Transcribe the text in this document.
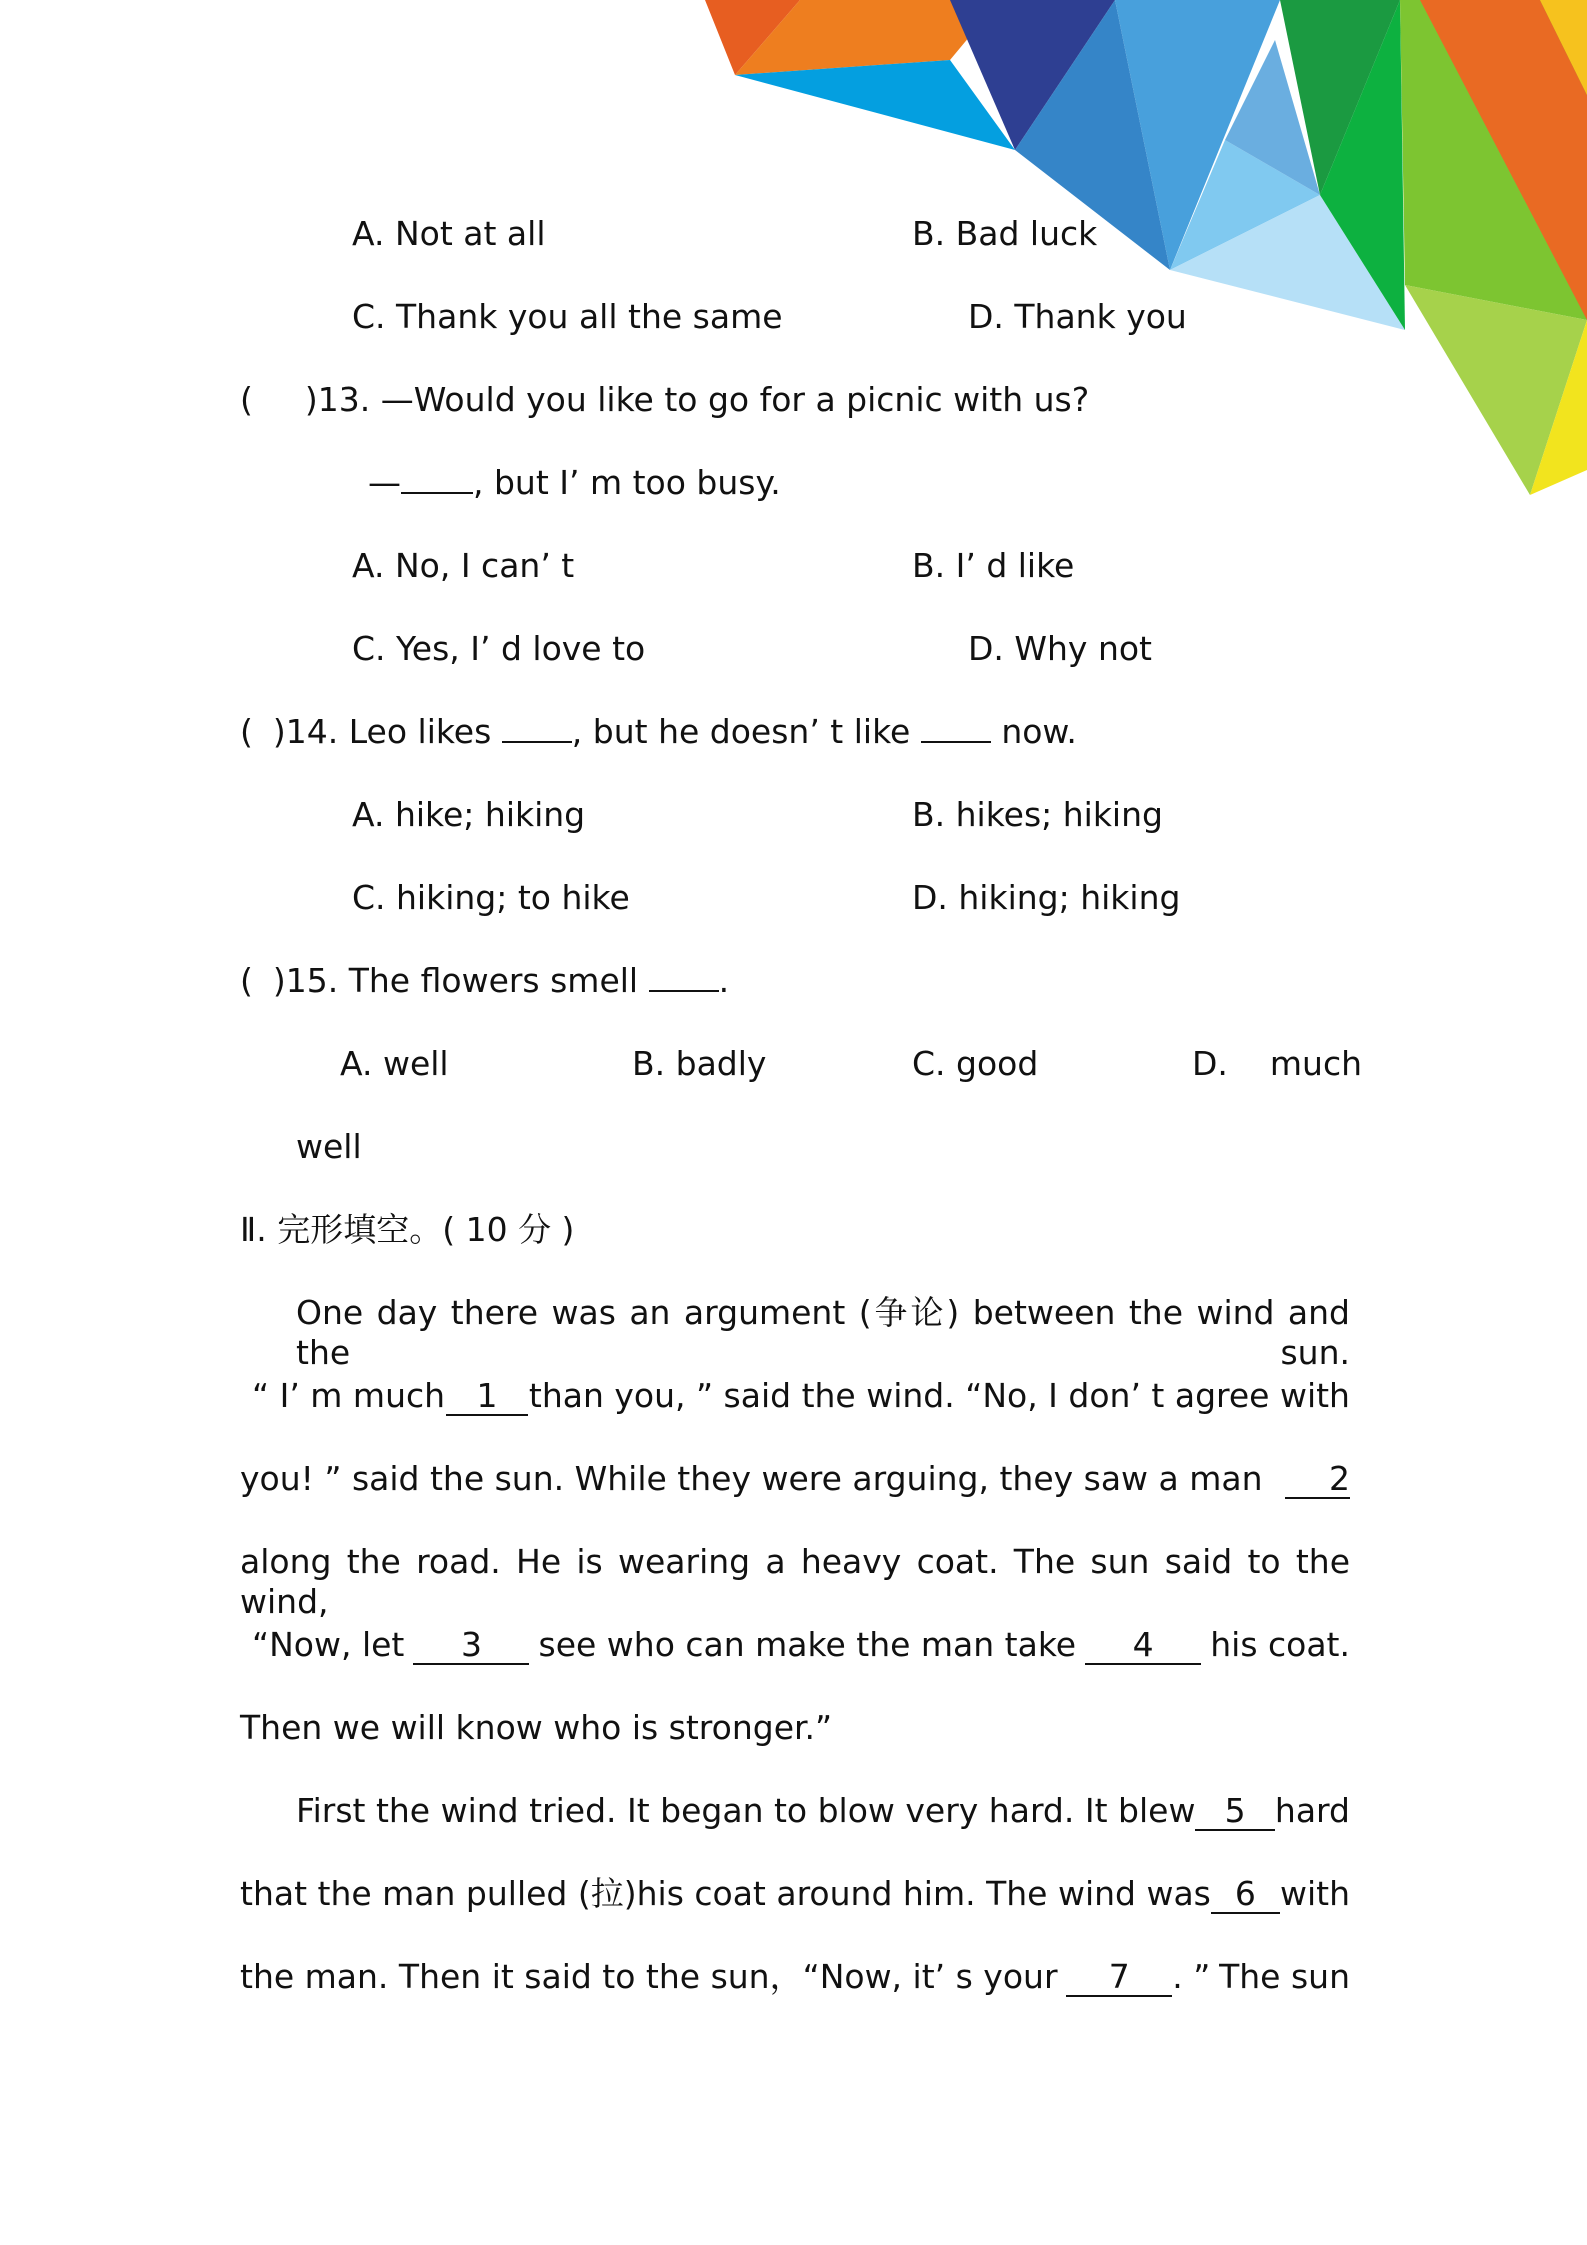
A. Not at all	B. Bad luck
C. Thank you all the same	D. Thank you
( )13. —Would you like to go for a picnic with us?
— , but I’ m too busy.
A. No, I can’ t	B. I’ d like
C. Yes, I’ d love to	D. Why not
( )14. Leo likes , but he doesn’ t like	now.
A. hike; hiking	B. hikes; hiking
C. hiking; to hike	D. hiking; hiking
( )15. The flowers smell .
A. well	B. badly	C. good	D. much
well
Ⅱ. 完形填空。( 10 分 )
One day there was an argument (争论) between the wind and the sun.
“ I’ m much 1 than you, ” said the wind. “No, I don’ t agree with
you! ” said the sun. While they were arguing, they saw a man	2
along the road. He is wearing a heavy coat. The sun said to the wind,
“Now, let	3	see who can make the man take	4	his coat.
Then we will know who is stronger.”
First the wind tried. It began to blow very hard. It blew 5 hard
that the man pulled (拉)his coat around him. The wind was 6 with
the man. Then it said to the sun，“Now, it’ s your	7	. ” The sun
